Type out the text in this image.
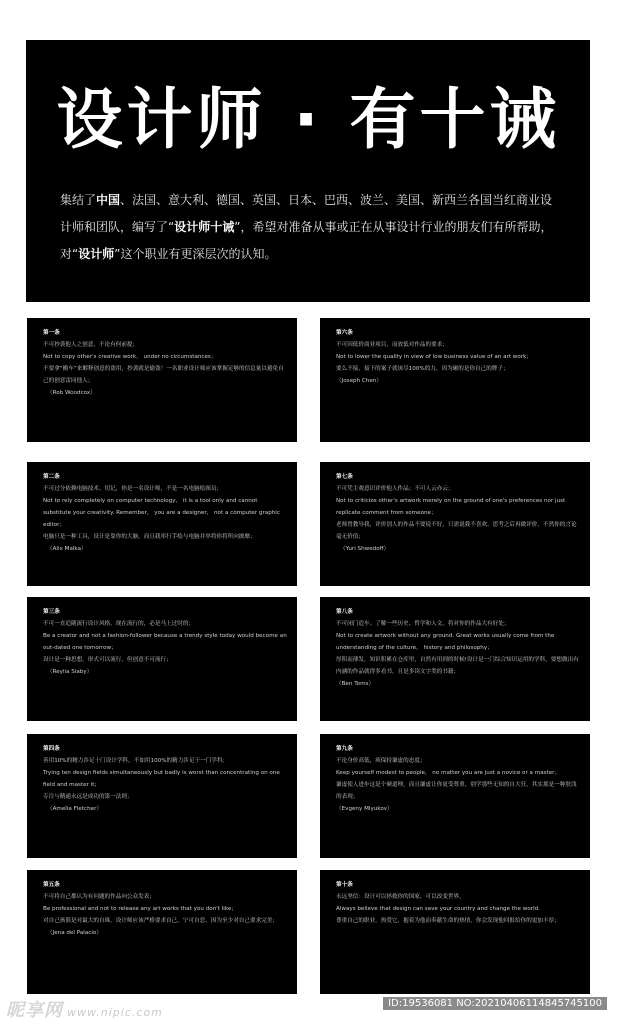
设计师 · 有十诫
集结了中国、法国、意大利、德国、英国、日本、巴西、波兰、美国、新西兰各国当红商业设计师和团队，编写了“设计师十诫”，希望对准备从事或正在从事设计行业的朋友们有所帮助，对“设计师”这个职业有更深层次的认知。
第一条
不可抄袭他人之创意，不论有何前提；
Not to copy other's creative work， under no circumstances；
不要拿“搬车”来解释创意的盗用，抄袭就是偷盗！一名职业设计师应该掌握足够的信息量以避免自己的创意雷同他人；
（Rob Woodcox）
第六条
不可因低价商业项目，而放低对作品的要求；
Not to lower the quality in view of low business value of an art work；
要么不接，接下的案子就该尽100%的力，因为砸的是你自己的牌子；
（Joseph Chen）
第二条
不可过分依赖电脑技术。切记，你是一名设计师，不是一名电脑绘图员；
Not to rely completely on computer technology， it is a tool only and cannot substitute your creativity. Remember， you are a designer， not a computer graphic editor；
电脑只是一种工具，设计是靠你的大脑，而且我率行手绘与电脑并举将你将所向披靡；
（Alix Malka）
第七条
不可凭主观意识评价他人作品；不可人云亦云；
Not to criticize other's artwork merely on the ground of one's preferences nor just replicate comment from someone；
老师曾教导我，评价别人的作品不要说不好，只需说我不喜欢。思考之后再做评价，不然你的言论毫无价值；
（Yuri Shwedoff）
第三条
不可一直追随流行设计风格，现在流行的，必是马上过时的；
Be a creator and not a fashion-follower because a trendy style today would become an out-dated one tomorrow；
设计是一种思想，形式可以流行，但创意不可流行；
（Reylia Slaby）
第八条
不可闭门造车；了解一些历史、哲学和人文，将对你的作品大有好处；
Not to create artwork without any ground. Great works usually come from the understanding of the culture， history and philosophy；
厚积而薄发，知识积累在仓库里，自然有用到的时候!设计是一门综合知识运用的学科，要想做出有内涵的作品就得多看书，且是多读文字类的书籍；
（Ben Toms）
第四条
善用10%的精力涉足十门设计学科，不如用100%的精力涉足于一门学科；
Trying ten design fields simultaneously but badly is worst than concentrating on one field and master it；
专注与精通永远是成功的第一法则；
（Amelia Fletcher）
第九条
不论身价高低，须保持谦虚的态度；
Keep yourself modest to people， no matter you are just a novice or a master；
谦虚使人进步这是个硬道理，而且谦虚让你更受尊重，别学那些无知的自大狂，其实那是一种肤浅的表现；
（Evgeny Mlyukov）
第五条
不可将自己都认为有问题的作品向公众发表；
Be professional and not to release any art works that you don't like；
对自己孩狠是对最大的自珠，设计师应该严格要求自己，宁可自恋，因为至少对自己要求完美；
（Jena del Palacio）
第十条
永远坚信：设计可以拯救你的国家，可以改变世界。
Always believe that design can save your country and change the world.
尊重自己的职业，热爱它，抱着为他而奉献生命的热情，你会发现他回报给你的更加丰厚；
昵享网 www.nipic.com
ID:19536081 NO:20210406114845745100
